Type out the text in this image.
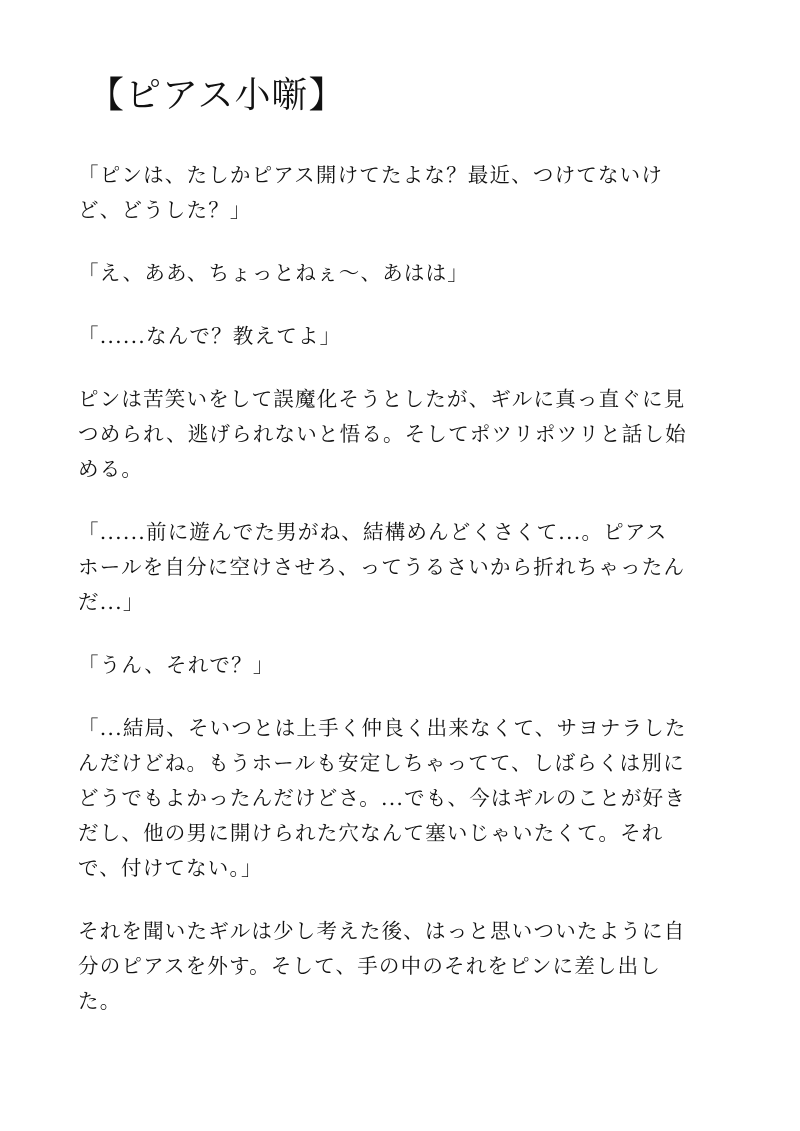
【ピアス小噺】

「ピンは、たしかピアス開けてたよな？最近、つけてないけ
ど、どうした？」

「え、ああ、ちょっとねぇ〜、あはは」

「......なんで？教えてよ」

ピンは苦笑いをして誤魔化そうとしたが、ギルに真っ直ぐに見
つめられ、逃げられないと悟る。そしてポツリポツリと話し始
める。

「......前に遊んでた男がね、結構めんどくさくて...。ピアス
ホールを自分に空けさせろ、ってうるさいから折れちゃったん
だ...」

「うん、それで？」

「...結局、そいつとは上手く仲良く出来なくて、サヨナラした
んだけどね。もうホールも安定しちゃってて、しばらくは別に
どうでもよかったんだけどさ。...でも、今はギルのことが好き
だし、他の男に開けられた穴なんて塞いじゃいたくて。それ
で、付けてない。」

それを聞いたギルは少し考えた後、はっと思いついたように自
分のピアスを外す。そして、手の中のそれをピンに差し出し
た。
